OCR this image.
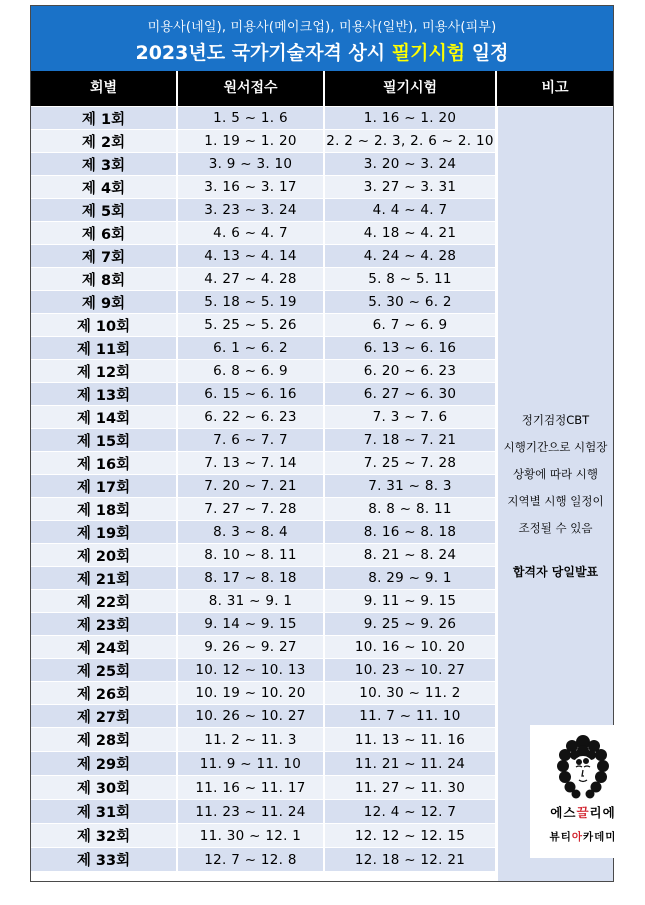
미용사(네일), 미용사(메이크업), 미용사(일반), 미용사(피부)
2023년도 국가기술자격 상시 필기시험 일정
회별	원서접수	필기시험	비고
제 1회	1. 5 ~ 1. 6	1. 16 ~ 1. 20
제 2회	1. 19 ~ 1. 20	2. 2 ~ 2. 3, 2. 6 ~ 2. 10
제 3회	3. 9 ~ 3. 10	3. 20 ~ 3. 24
제 4회	3. 16 ~ 3. 17	3. 27 ~ 3. 31
제 5회	3. 23 ~ 3. 24	4. 4 ~ 4. 7
제 6회	4. 6 ~ 4. 7	4. 18 ~ 4. 21
제 7회	4. 13 ~ 4. 14	4. 24 ~ 4. 28
제 8회	4. 27 ~ 4. 28	5. 8 ~ 5. 11
제 9회	5. 18 ~ 5. 19	5. 30 ~ 6. 2
제 10회	5. 25 ~ 5. 26	6. 7 ~ 6. 9
제 11회	6. 1 ~ 6. 2	6. 13 ~ 6. 16
제 12회	6. 8 ~ 6. 9	6. 20 ~ 6. 23
제 13회	6. 15 ~ 6. 16	6. 27 ~ 6. 30
제 14회	6. 22 ~ 6. 23	7. 3 ~ 7. 6
제 15회	7. 6 ~ 7. 7	7. 18 ~ 7. 21
제 16회	7. 13 ~ 7. 14	7. 25 ~ 7. 28
제 17회	7. 20 ~ 7. 21	7. 31 ~ 8. 3
제 18회	7. 27 ~ 7. 28	8. 8 ~ 8. 11
제 19회	8. 3 ~ 8. 4	8. 16 ~ 8. 18
제 20회	8. 10 ~ 8. 11	8. 21 ~ 8. 24
제 21회	8. 17 ~ 8. 18	8. 29 ~ 9. 1
제 22회	8. 31 ~ 9. 1	9. 11 ~ 9. 15
제 23회	9. 14 ~ 9. 15	9. 25 ~ 9. 26
제 24회	9. 26 ~ 9. 27	10. 16 ~ 10. 20
제 25회	10. 12 ~ 10. 13	10. 23 ~ 10. 27
제 26회	10. 19 ~ 10. 20	10. 30 ~ 11. 2
제 27회	10. 26 ~ 10. 27	11. 7 ~ 11. 10
제 28회	11. 2 ~ 11. 3	11. 13 ~ 11. 16
제 29회	11. 9 ~ 11. 10	11. 21 ~ 11. 24
제 30회	11. 16 ~ 11. 17	11. 27 ~ 11. 30
제 31회	11. 23 ~ 11. 24	12. 4 ~ 12. 7
제 32회	11. 30 ~ 12. 1	12. 12 ~ 12. 15
제 33회	12. 7 ~ 12. 8	12. 18 ~ 12. 21
정기검정CBT
시행기간으로 시험장
상황에 따라 시행
지역별 시행 일정이
조정될 수 있음
합격자 당일발표
에스끌리에
뷰티아카데미
